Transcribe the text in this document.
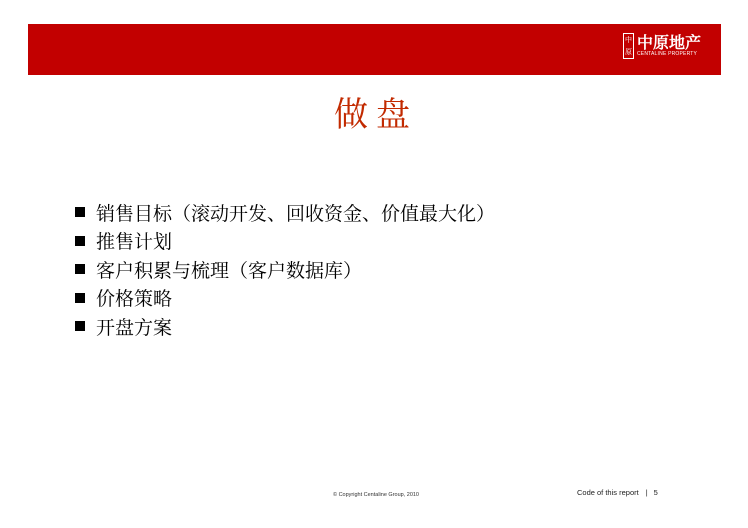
中原 中原地产
CENTALINE PROPERTY
做盘
销售目标（滚动开发、回收资金、价值最大化）
推售计划
客户积累与梳理（客户数据库）
价格策略
开盘方案
© Copyright Centaline Group, 2010	Code of this report | 5
